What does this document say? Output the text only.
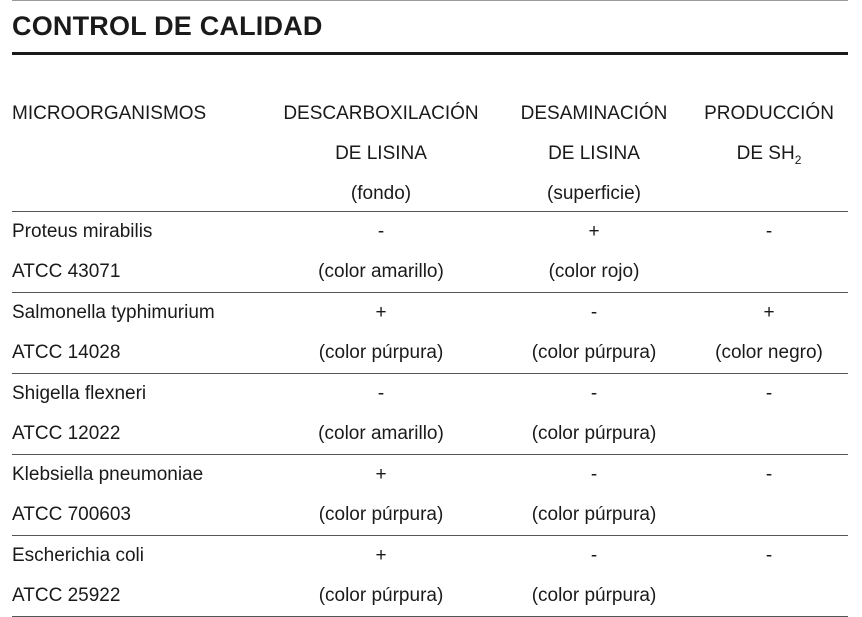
CONTROL DE CALIDAD
MICROORGANISMOS	DESCARBOXILACIÓN
DE LISINA
(fondo)
DESAMINACIÓN
DE LISINA
(superficie)
PRODUCCIÓN
DE $SH_2$
Proteus mirabilis
ATCC 43071
-
(color amarillo)
+
(color rojo)
-
Salmonella typhimurium
ATCC 14028
+
(color púrpura)
-
(color púrpura)
+
(color negro)
Shigella flexneri
ATCC 12022
-
(color amarillo)
-
(color púrpura)
-
Klebsiella pneumoniae
ATCC 700603
+
(color púrpura)
-
(color púrpura)
-
Escherichia coli
ATCC 25922
+
(color púrpura)
-
(color púrpura)
-
